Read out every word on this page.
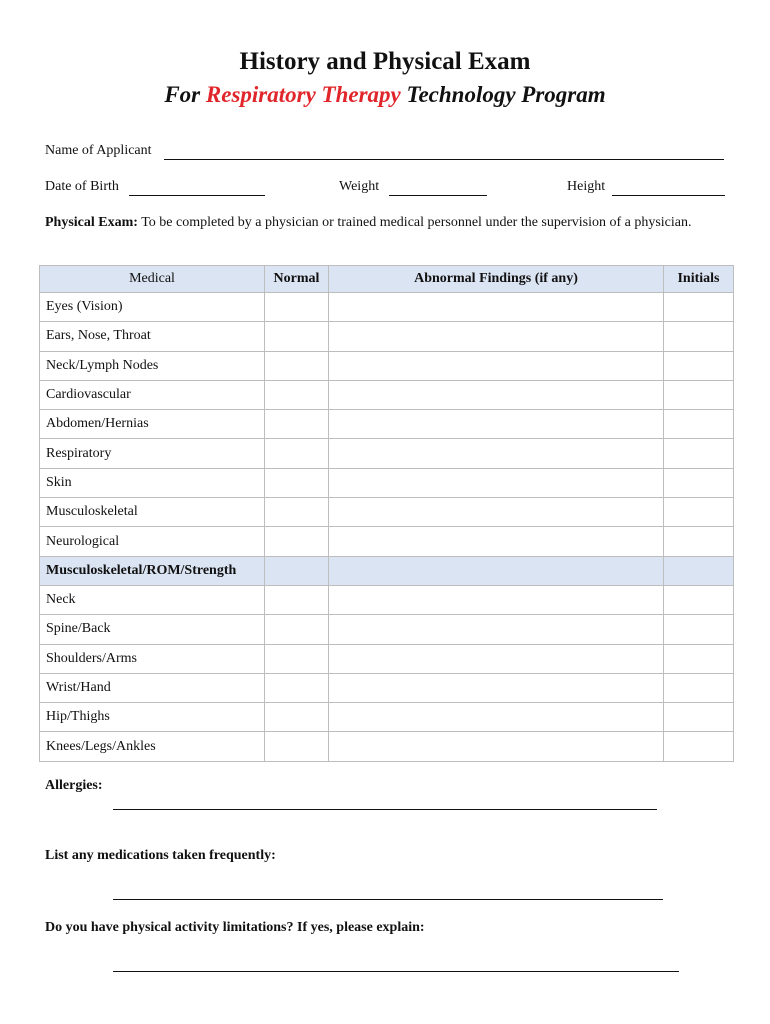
History and Physical Exam
For Respiratory Therapy Technology Program
Name of Applicant
Date of Birth	Weight	Height

Physical Exam: To be completed by a physician or trained medical personnel under the supervision of a physician.

Medical	Normal	Abnormal Findings (if any)	Initials
Eyes (Vision)			
Ears, Nose, Throat			
Neck/Lymph Nodes			
Cardiovascular			
Abdomen/Hernias			
Respiratory			
Skin			
Musculoskeletal			
Neurological			
Musculoskeletal/ROM/Strength			
Neck			
Spine/Back			
Shoulders/Arms			
Wrist/Hand			
Hip/Thighs			
Knees/Legs/Ankles			

Allergies:

List any medications taken frequently:

Do you have physical activity limitations? If yes, please explain:
